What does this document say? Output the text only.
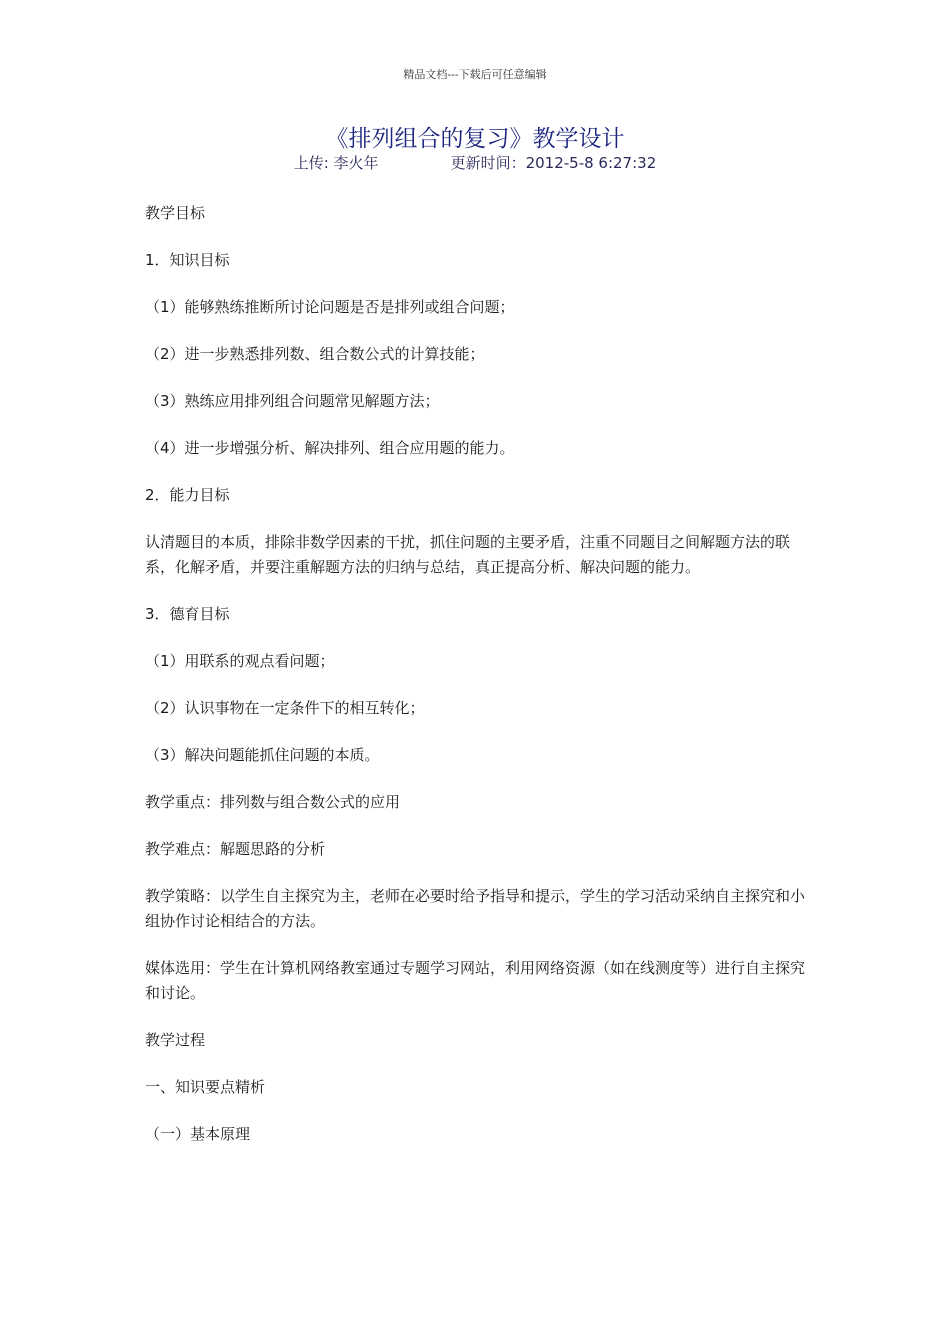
精品文档---下载后可任意编辑
《排列组合的复习》教学设计
上传: 李火年	更新时间：2012-5-8 6:27:32

教学目标

1．知识目标

（1）能够熟练推断所讨论问题是否是排列或组合问题；

（2）进一步熟悉排列数、组合数公式的计算技能；

（3）熟练应用排列组合问题常见解题方法；

（4）进一步增强分析、解决排列、组合应用题的能力。

2．能力目标

认清题目的本质，排除非数学因素的干扰，抓住问题的主要矛盾，注重不同题目之间解题方法的联系，化解矛盾，并要注重解题方法的归纳与总结，真正提高分析、解决问题的能力。

3．德育目标

（1）用联系的观点看问题；

（2）认识事物在一定条件下的相互转化；

（3）解决问题能抓住问题的本质。

教学重点：排列数与组合数公式的应用

教学难点：解题思路的分析

教学策略：以学生自主探究为主，老师在必要时给予指导和提示，学生的学习活动采纳自主探究和小组协作讨论相结合的方法。

媒体选用：学生在计算机网络教室通过专题学习网站，利用网络资源（如在线测度等）进行自主探究和讨论。

教学过程

一、知识要点精析

（一）基本原理
